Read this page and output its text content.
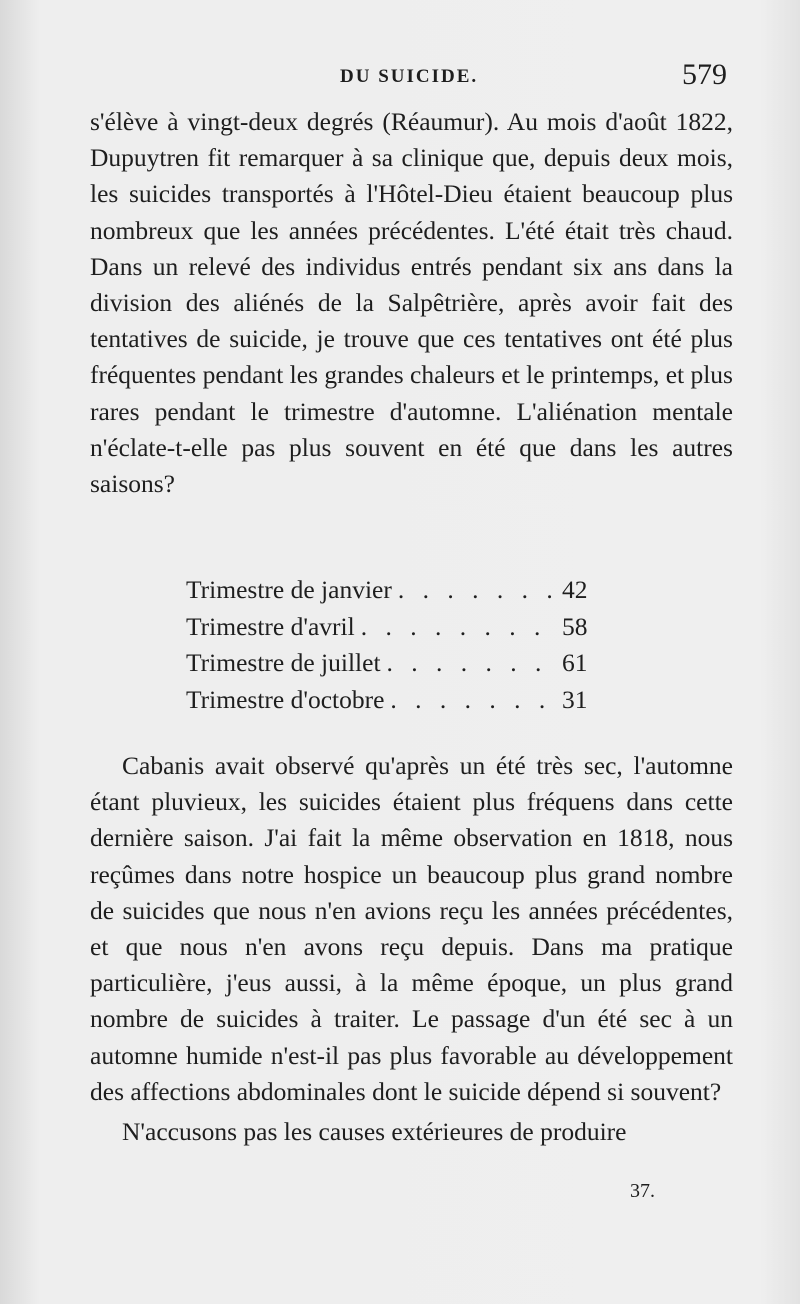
DU SUICIDE.	579

s'élève à vingt-deux degrés (Réaumur). Au mois d'août 1822, Dupuytren fit remarquer à sa clinique que, depuis deux mois, les suicides transportés à l'Hôtel-Dieu étaient beaucoup plus nombreux que les années précédentes. L'été était très chaud. Dans un relevé des individus entrés pendant six ans dans la division des aliénés de la Salpêtrière, après avoir fait des tentatives de suicide, je trouve que ces tentatives ont été plus fréquentes pendant les grandes chaleurs et le printemps, et plus rares pendant le trimestre d'automne. L'aliénation mentale n'éclate-t-elle pas plus souvent en été que dans les autres saisons?

Trimestre de janvier . . .	42
Trimestre d'avril . . .	58
Trimestre de juillet . . .	61
Trimestre d'octobre . . .	31

Cabanis avait observé qu'après un été très sec, l'automne étant pluvieux, les suicides étaient plus fréquens dans cette dernière saison. J'ai fait la même observation en 1818, nous reçûmes dans notre hospice un beaucoup plus grand nombre de suicides que nous n'en avions reçu les années précédentes, et que nous n'en avons reçu depuis. Dans ma pratique particulière, j'eus aussi, à la même époque, un plus grand nombre de suicides à traiter. Le passage d'un été sec à un automne humide n'est-il pas plus favorable au développement des affections abdominales dont le suicide dépend si souvent?

N'accusons pas les causes extérieures de produire

37.
